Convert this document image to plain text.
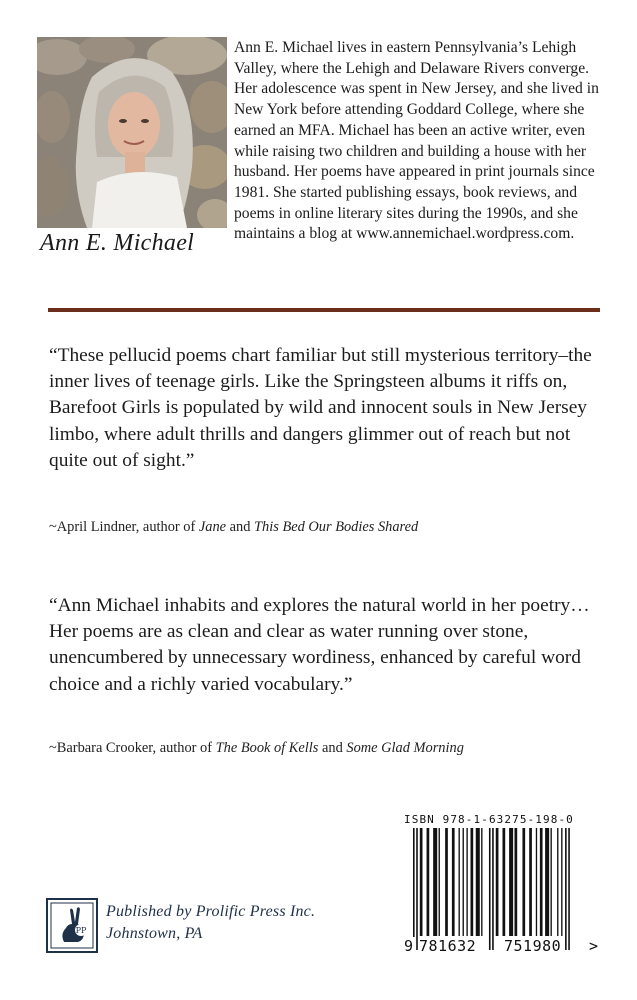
Ann E. Michael
Ann E. Michael lives in eastern Pennsylvania’s Lehigh Valley, where the Lehigh and Delaware Rivers converge. Her adolescence was spent in New Jersey, and she lived in New York before attending Goddard College, where she earned an MFA. Michael has been an active writer, even while raising two children and building a house with her husband. Her poems have appeared in print journals since 1981. She started publishing essays, book reviews, and poems in online literary sites during the 1990s, and she maintains a blog at www.annemichael.wordpress.com.
“These pellucid poems chart familiar but still mysterious territory–the inner lives of teenage girls. Like the Springsteen albums it riffs on, Barefoot Girls is populated by wild and innocent souls in New Jersey limbo, where adult thrills and dangers glimmer out of reach but not quite out of sight.”
~April Lindner, author of Jane and This Bed Our Bodies Shared
“Ann Michael inhabits and explores the natural world in her poetry…Her poems are as clean and clear as water running over stone, unencumbered by unnecessary wordiness, enhanced by careful word choice and a richly varied vocabulary.”
~Barbara Crooker, author of The Book of Kells and Some Glad Morning
ISBN 978-1-63275-198-0
9 781632 751980 >
PP
Published by Prolific Press Inc.
Johnstown, PA
